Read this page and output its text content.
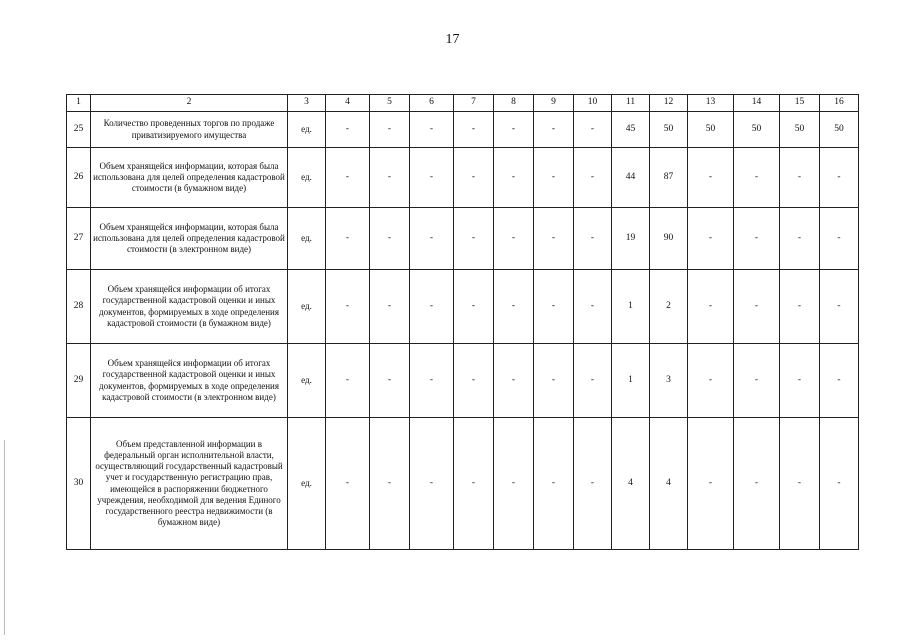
17
1	2	3	4	5	6	7	8	9	10	11	12	13	14	15	16
25	Количество проведенных торгов по продаже приватизируемого имущества	ед.	-	-	-	-	-	-	-	45	50	50	50	50	50
26	Объем хранящейся информации, которая была использована для целей определения кадастровой стоимости (в бумажном виде)	ед.	-	-	-	-	-	-	-	44	87	-	-	-	-
27	Объем хранящейся информации, которая была использована для целей определения кадастровой стоимости (в электронном виде)	ед.	-	-	-	-	-	-	-	19	90	-	-	-	-
28	Объем хранящейся информации об итогах государственной кадастровой оценки и иных документов, формируемых в ходе определения кадастровой стоимости (в бумажном виде)	ед.	-	-	-	-	-	-	-	1	2	-	-	-	-
29	Объем хранящейся информации об итогах государственной кадастровой оценки и иных документов, формируемых в ходе определения кадастровой стоимости (в электронном виде)	ед.	-	-	-	-	-	-	-	1	3	-	-	-	-
30	Объем представленной информации в федеральный орган исполнительной власти, осуществляющий государственный кадастровый учет и государственную регистрацию прав, имеющейся в распоряжении бюджетного учреждения, необходимой для ведения Единого государственного реестра недвижимости (в бумажном виде)	ед.	-	-	-	-	-	-	-	4	4	-	-	-	-
